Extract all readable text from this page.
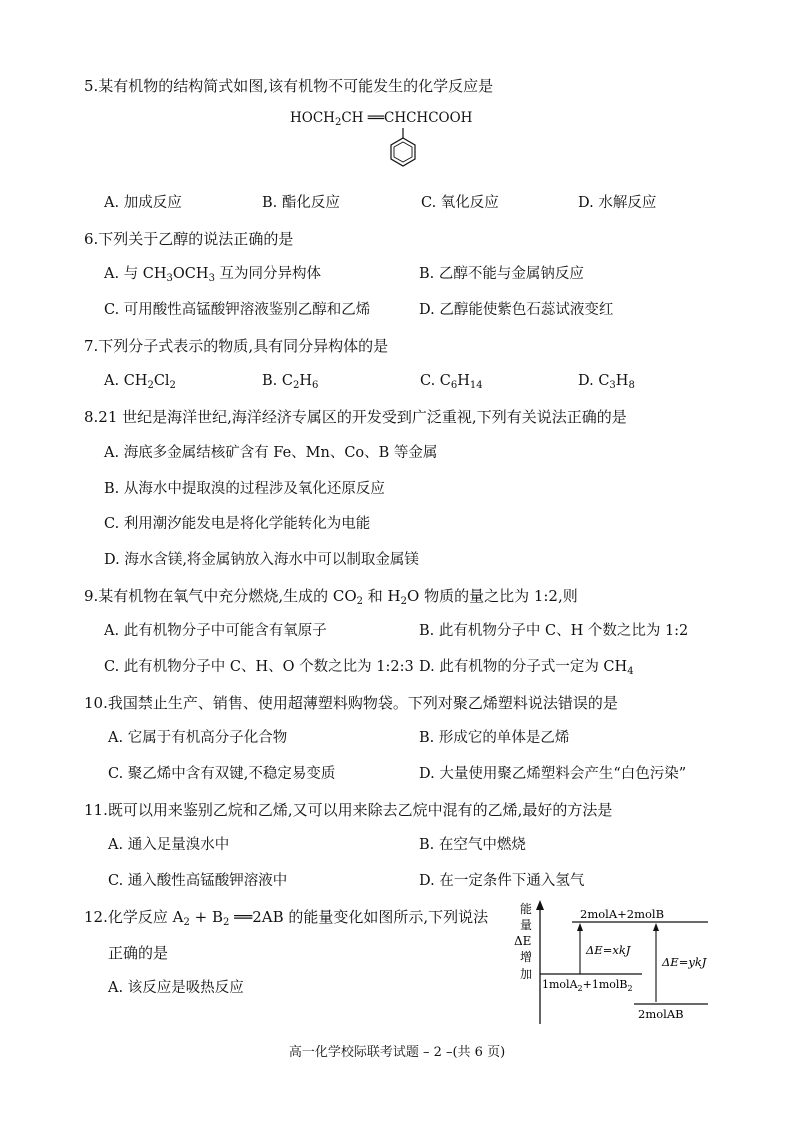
5.某有机物的结构简式如图,该有机物不可能发生的化学反应是
$HOCH_2CH$ ══CHCHCOOH
A. 加成反应	B. 酯化反应	C. 氧化反应	D. 水解反应
6.下列关于乙醇的说法正确的是
A. 与 $CH_3OCH_3$ 互为同分异构体	B. 乙醇不能与金属钠反应
C. 可用酸性高锰酸钾溶液鉴别乙醇和乙烯	D. 乙醇能使紫色石蕊试液变红
7.下列分子式表示的物质,具有同分异构体的是
A. $CH_2Cl_2$	B. $C_2H_6$	C. $C_6H_{14}$	D. $C_3H_8$
8.21 世纪是海洋世纪,海洋经济专属区的开发受到广泛重视,下列有关说法正确的是
A. 海底多金属结核矿含有 Fe、Mn、Co、B 等金属
B. 从海水中提取溴的过程涉及氧化还原反应
C. 利用潮汐能发电是将化学能转化为电能
D. 海水含镁,将金属钠放入海水中可以制取金属镁
9.某有机物在氧气中充分燃烧,生成的 $CO_2$ 和 $H_2O$ 物质的量之比为 1:2,则
A. 此有机物分子中可能含有氧原子	B. 此有机物分子中 C、H 个数之比为 1:2
C. 此有机物分子中 C、H、O 个数之比为 1:2:3 D. 此有机物的分子式一定为 $CH_4$
10.我国禁止生产、销售、使用超薄塑料购物袋。下列对聚乙烯塑料说法错误的是
A. 它属于有机高分子化合物	B. 形成它的单体是乙烯
C. 聚乙烯中含有双键,不稳定易变质	D. 大量使用聚乙烯塑料会产生“白色污染”
11.既可以用来鉴别乙烷和乙烯,又可以用来除去乙烷中混有的乙烯,最好的方法是
A. 通入足量溴水中	B. 在空气中燃烧
C. 通入酸性高锰酸钾溶液中	D. 在一定条件下通入氢气
12.化学反应 $A_2 + B_2$ ══2AB 的能量变化如图所示,下列说法
正确的是
A. 该反应是吸热反应
能
量
ΔE
增
加
2molA+2molB
1molA$_2$+1molB$_2$
2molAB
ΔE=xkJ
ΔE=ykJ
高一化学校际联考试题 – 2 –(共 6 页)
